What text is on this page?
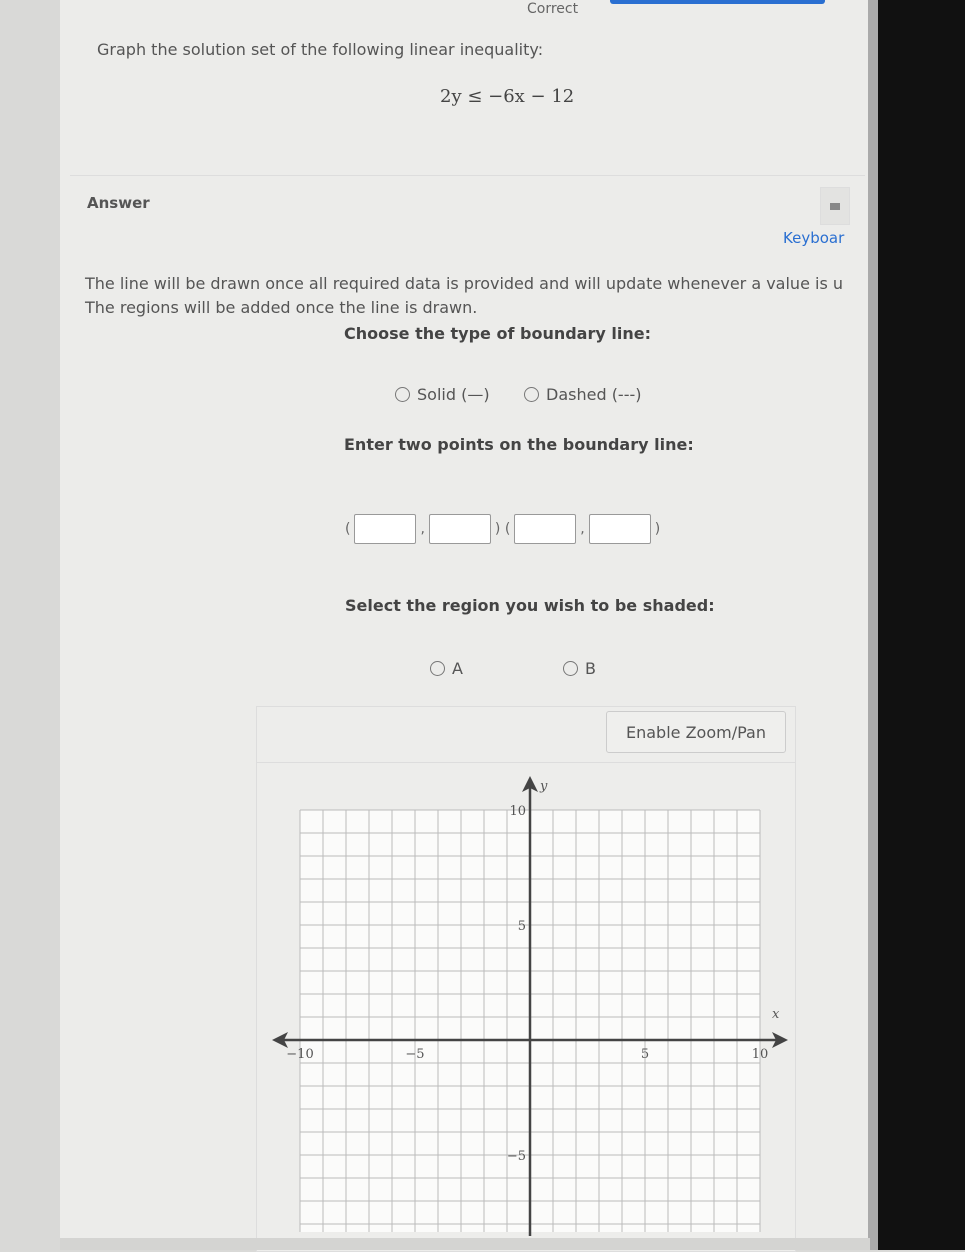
Correct
Graph the solution set of the following linear inequality:
2y ≤ −6x − 12
Answer
Keyboar
The line will be drawn once all required data is provided and will update whenever a value is u
The regions will be added once the line is drawn.
Choose the type of boundary line:
Solid (—)	Dashed (---)
Enter two points on the boundary line:
(	,	) (	,	)
Select the region you wish to be shaded:
A	B
Enable Zoom/Pan
−10	−5	5	10
10
5
−5
x
y
